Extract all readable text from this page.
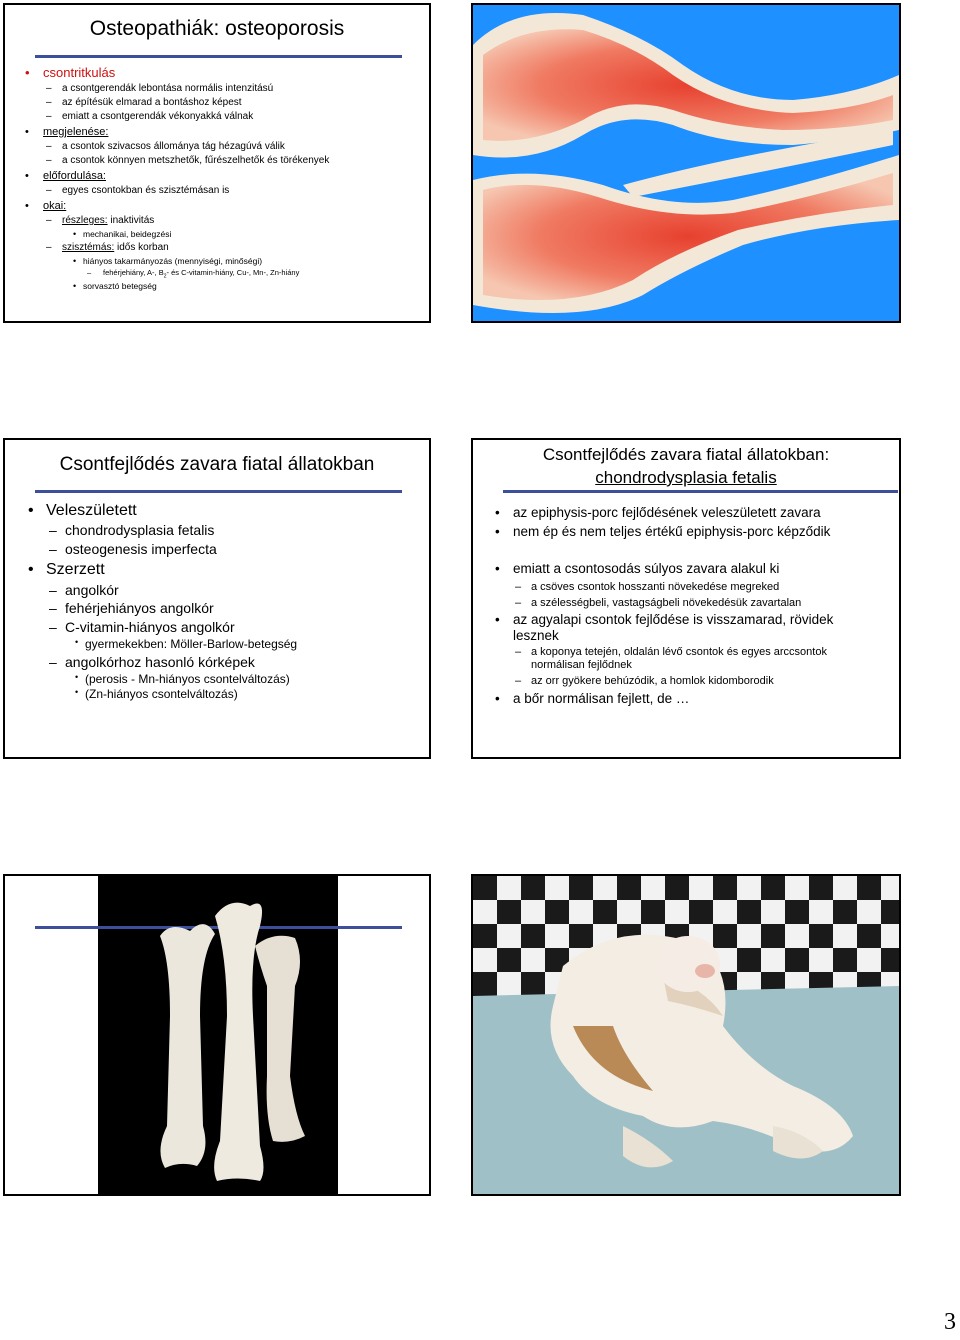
Osteopathiák: osteoporosis
• csontritkulás
– a csontgerendák lebontása normális intenzitású
– az építésük elmarad a bontáshoz képest
– emiatt a csontgerendák vékonyakká válnak
• megjelenése:
– a csontok szivacsos állománya tág hézagúvá válik
– a csontok könnyen metszhetők, fűrészelhetők és törékenyek
• előfordulása:
– egyes csontokban és szisztémásan is
• okai:
– részleges: inaktivitás
• mechanikai, beidegzési
– szisztémás: idős korban
• hiányos takarmányozás (mennyiségi, minőségi)
– fehérjehiány, A-, $B_2-$ és C-vitamin-hiány, Cu-, Mn-, Zn-hiány
• sorvasztó betegség
Csontfejlődés zavara fiatal állatokban
• Veleszületett
– chondrodysplasia fetalis
– osteogenesis imperfecta
• Szerzett
– angolkór
– fehérjehiányos angolkór
– C-vitamin-hiányos angolkór
• gyermekekben: Möller-Barlow-betegség
– angolkórhoz hasonló kórképek
• (perosis - Mn-hiányos csontelváltozás)
• (Zn-hiányos csontelváltozás)
Csontfejlődés zavara fiatal állatokban:
chondrodysplasia fetalis
• az epiphysis-porc fejlődésének veleszületett zavara
• nem ép és nem teljes értékű epiphysis-porc képződik
• emiatt a csontosodás súlyos zavara alakul ki
– a csöves csontok hosszanti növekedése megreked
– a szélességbeli, vastagságbeli növekedésük zavartalan
• az agyalapi csontok fejlődése is visszamarad, rövidek
lesznek
– a koponya tetején, oldalán lévő csontok és egyes arccsontok
normálisan fejlődnek
– az orr gyökere behúzódik, a homlok kidomborodik
• a bőr normálisan fejlett, de …
3
